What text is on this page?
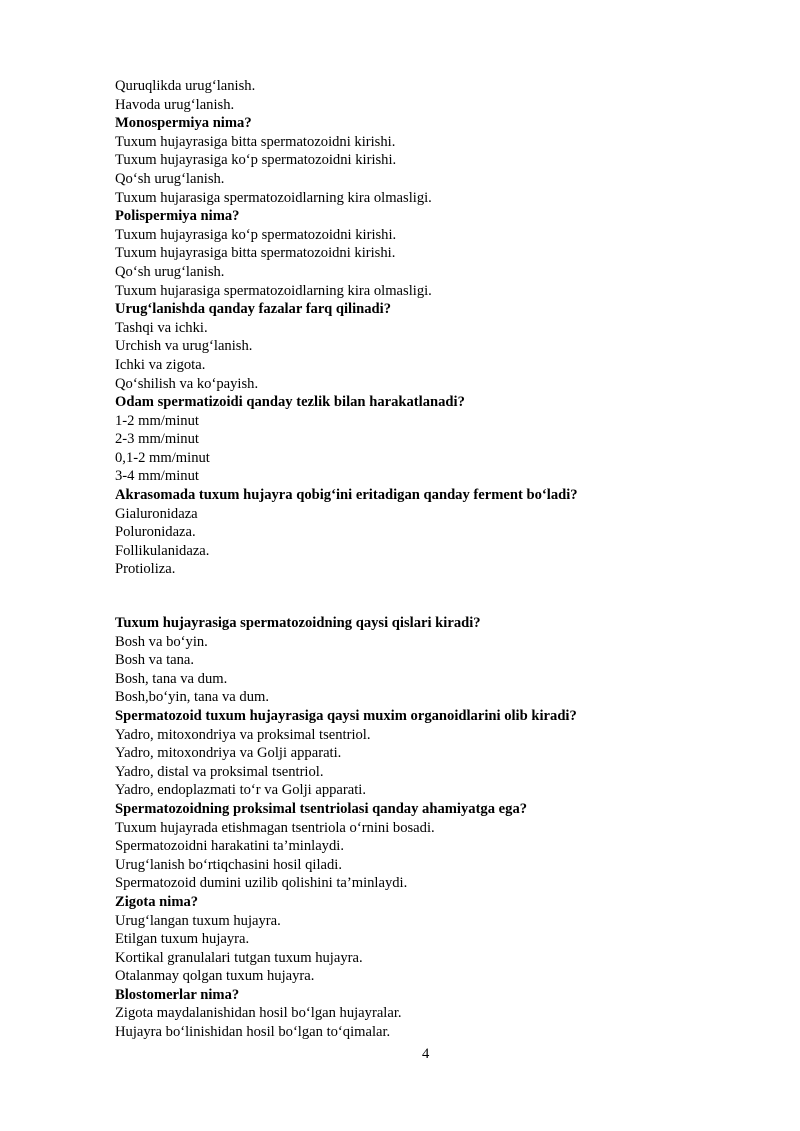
Quruqlikda urug‘lanish.
Havoda urug‘lanish.
Monospermiya nima?
Tuxum hujayrasiga bitta spermatozoidni kirishi.
Tuxum hujayrasiga ko‘p spermatozoidni kirishi.
Qo‘sh urug‘lanish.
Tuxum hujarasiga spermatozoidlarning kira olmasligi.
Polispermiya nima?
Tuxum hujayrasiga ko‘p spermatozoidni kirishi.
Tuxum hujayrasiga bitta spermatozoidni kirishi.
Qo‘sh urug‘lanish.
Tuxum hujarasiga spermatozoidlarning kira olmasligi.
Urug‘lanishda qanday fazalar farq qilinadi?
Tashqi va ichki.
Urchish va urug‘lanish.
Ichki va zigota.
Qo‘shilish va ko‘payish.
Odam spermatizoidi qanday tezlik bilan harakatlanadi?
1-2 mm/minut
2-3 mm/minut
0,1-2 mm/minut
3-4 mm/minut
Akrasomada tuxum hujayra qobig‘ini eritadigan qanday ferment bo‘ladi?
Gialuronidaza
Poluronidaza.
Follikulanidaza.
Protioliza.
Tuxum hujayrasiga spermatozoidning qaysi qislari kiradi?
Bosh va bo‘yin.
Bosh va tana.
Bosh, tana va dum.
Bosh,bo‘yin, tana va dum.
Spermatozoid tuxum hujayrasiga qaysi muxim organoidlarini olib kiradi?
Yadro, mitoxondriya va proksimal tsentriol.
Yadro, mitoxondriya va Golji apparati.
Yadro, distal va proksimal tsentriol.
Yadro, endoplazmati to‘r va Golji apparati.
Spermatozoidning proksimal tsentriolasi qanday ahamiyatga ega?
Tuxum hujayrada etishmagan tsentriola o‘rnini bosadi.
Spermatozoidni harakatini ta’minlaydi.
Urug‘lanish bo‘rtiqchasini hosil qiladi.
Spermatozoid dumini uzilib qolishini ta’minlaydi.
Zigota nima?
Urug‘langan tuxum hujayra.
Etilgan tuxum hujayra.
Kortikal granulalari tutgan tuxum hujayra.
Otalanmay qolgan tuxum hujayra.
Blostomerlar nima?
Zigota maydalanishidan hosil bo‘lgan hujayralar.
Hujayra bo‘linishidan hosil bo‘lgan to‘qimalar.
4
